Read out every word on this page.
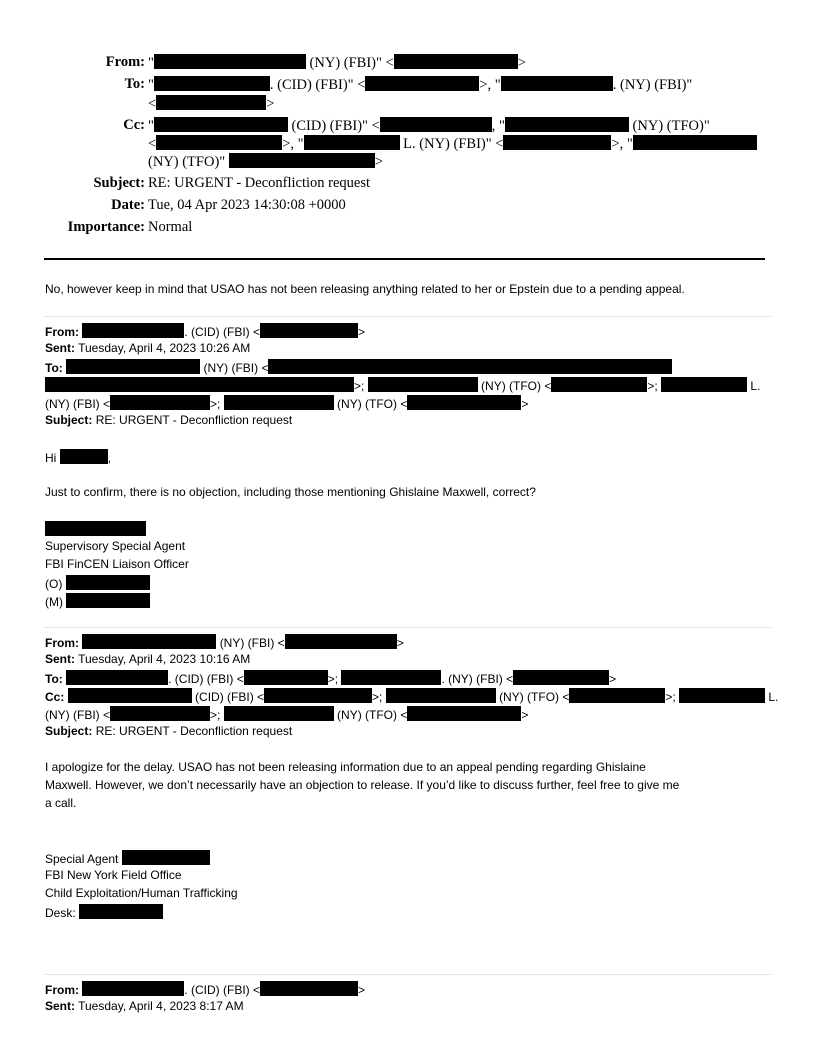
From: "	(NY) (FBI)" <	>
To: "	. (CID) (FBI)" <	>, "	. (NY) (FBI)"
<	>
Cc: "	(CID) (FBI)" <	, "	(NY) (TFO)"
<	>, "	L. (NY) (FBI)" <	>, "
(NY) (TFO)"	>
Subject: RE: URGENT - Deconfliction request
Date: Tue, 04 Apr 2023 14:30:08 +0000
Importance: Normal
No, however keep in mind that USAO has not been releasing anything related to her or Epstein due to a pending appeal.
From:	. (CID) (FBI) <	>
Sent: Tuesday, April 4, 2023 10:26 AM
To:	(NY) (FBI) <
>;	(NY) (TFO) <	>;	L.
(NY) (FBI) <	>;	(NY) (TFO) <	>
Subject: RE: URGENT - Deconfliction request
Hi	,
Just to confirm, there is no objection, including those mentioning Ghislaine Maxwell, correct?
Supervisory Special Agent
FBI FinCEN Liaison Officer
(O)
(M)
From:	(NY) (FBI) <	>
Sent: Tuesday, April 4, 2023 10:16 AM
To:	. (CID) (FBI) <	>;	. (NY) (FBI) <	>
Cc:	(CID) (FBI) <	>;	(NY) (TFO) <	>;	L.
(NY) (FBI) <	>;	(NY) (TFO) <	>
Subject: RE: URGENT - Deconfliction request
I apologize for the delay. USAO has not been releasing information due to an appeal pending regarding Ghislaine
Maxwell. However, we don’t necessarily have an objection to release. If you’d like to discuss further, feel free to give me
a call.
Special Agent
FBI New York Field Office
Child Exploitation/Human Trafficking
Desk:
From:	. (CID) (FBI) <	>
Sent: Tuesday, April 4, 2023 8:17 AM
